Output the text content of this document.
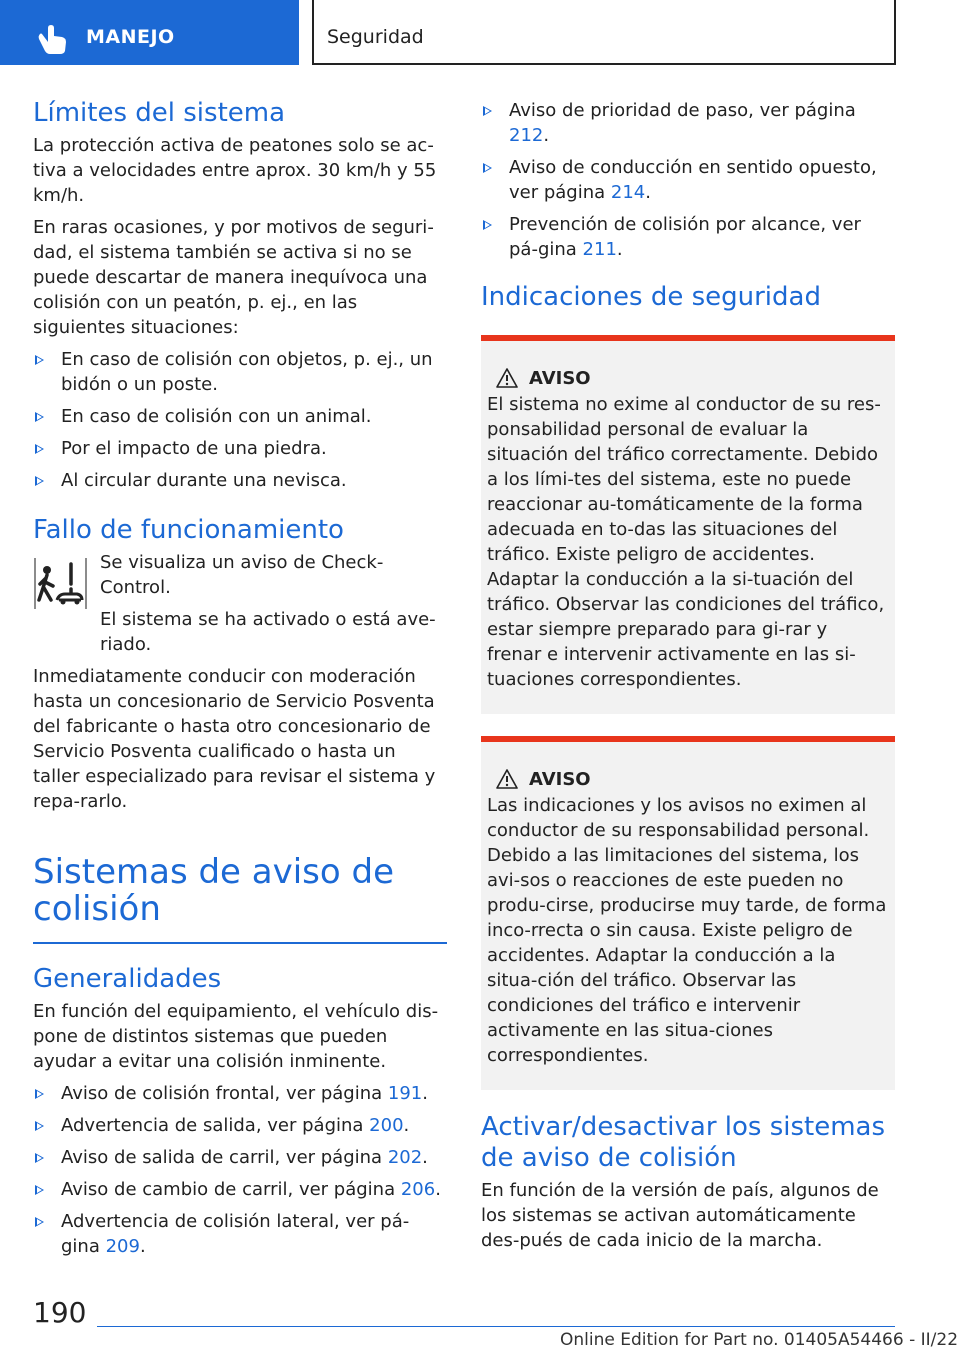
MANEJO	Seguridad
Límites del sistema

La protección activa de peatones solo se ac‐tiva a velocidades entre aprox. 30 km/h y 55 km/h.

En raras ocasiones, y por motivos de seguri‐dad, el sistema también se activa si no se puede descartar de manera inequívoca una colisión con un peatón, p. ej., en las siguientes situaciones:

En caso de colisión con objetos, p. ej., un bidón o un poste.
En caso de colisión con un animal.
Por el impacto de una piedra.
Al circular durante una nevisca.
Fallo de funcionamiento

Se visualiza un aviso de Check-Control.

El sistema se ha activado o está ave‐riado.

Inmediatamente conducir con moderación hasta un concesionario de Servicio Posventa del fabricante o hasta otro concesionario de Servicio Posventa cualificado o hasta un taller especializado para revisar el sistema y repa‐rarlo.

Sistemas de aviso de colisión
Generalidades

En función del equipamiento, el vehículo dis‐pone de distintos sistemas que pueden ayudar a evitar una colisión inminente.

Aviso de colisión frontal, ver página 191.
Advertencia de salida, ver página 200.
Aviso de salida de carril, ver página 202.
Aviso de cambio de carril, ver página 206.
Advertencia de colisión lateral, ver pá‐gina 209.
Aviso de prioridad de paso, ver página 212.
Aviso de conducción en sentido opuesto, ver página 214.
Prevención de colisión por alcance, ver pá‐gina 211.
Indicaciones de seguridad
AVISO

El sistema no exime al conductor de su res‐ponsabilidad personal de evaluar la situación del tráfico correctamente. Debido a los lími‐tes del sistema, este no puede reaccionar au‐tomáticamente de la forma adecuada en to‐das las situaciones del tráfico. Existe peligro de accidentes. Adaptar la conducción a la si‐tuación del tráfico. Observar las condiciones del tráfico, estar siempre preparado para gi‐rar y frenar e intervenir activamente en las si‐tuaciones correspondientes.

AVISO

Las indicaciones y los avisos no eximen al conductor de su responsabilidad personal. Debido a las limitaciones del sistema, los avi‐sos o reacciones de este pueden no produ‐cirse, producirse muy tarde, de forma inco‐rrecta o sin causa. Existe peligro de accidentes. Adaptar la conducción a la situa‐ción del tráfico. Observar las condiciones del tráfico e intervenir activamente en las situa‐ciones correspondientes.

Activar/desactivar los sistemas de aviso de colisión

En función de la versión de país, algunos de los sistemas se activan automáticamente des‐pués de cada inicio de la marcha.

190
Online Edition for Part no. 01405A54466 - II/22
